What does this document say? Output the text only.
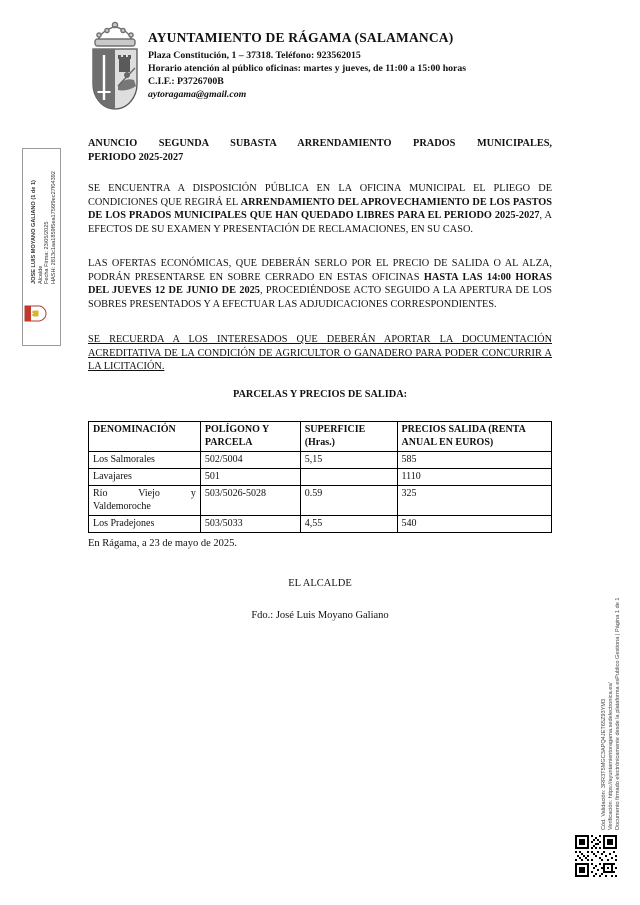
AYUNTAMIENTO DE RÁGAMA (SALAMANCA)
Plaza Constitución, 1 – 37318. Teléfono: 923562015
Horario atención al público oficinas: martes y jueves, de 11:00 a 15:00 horas
C.I.F.: P3726700B
aytoragama@gmail.com
ANUNCIO SEGUNDA SUBASTA ARRENDAMIENTO PRADOS MUNICIPALES,
PERIODO 2025-2027
SE ENCUENTRA A DISPOSICIÓN PÚBLICA EN LA OFICINA MUNICIPAL EL PLIEGO DE CONDICIONES QUE REGIRÁ EL ARRENDAMIENTO DEL APROVECHAMIENTO DE LOS PASTOS DE LOS PRADOS MUNICIPALES QUE HAN QUEDADO LIBRES PARA EL PERIODO 2025-2027, A EFECTOS DE SU EXAMEN Y PRESENTACIÓN DE RECLAMACIONES, EN SU CASO.
LAS OFERTAS ECONÓMICAS, QUE DEBERÁN SERLO POR EL PRECIO DE SALIDA O AL ALZA, PODRÁN PRESENTARSE EN SOBRE CERRADO EN ESTAS OFICINAS HASTA LAS 14:00 HORAS DEL JUEVES 12 DE JUNIO DE 2025, PROCEDIÉNDOSE ACTO SEGUIDO A LA APERTURA DE LOS SOBRES PRESENTADOS Y A EFECTUAR LAS ADJUDICACIONES CORRESPONDIENTES.
SE RECUERDA A LOS INTERESADOS QUE DEBERÁN APORTAR LA DOCUMENTACIÓN ACREDITATIVA DE LA CONDICIÓN DE AGRICULTOR O GANADERO PARA PODER CONCURRIR A LA LICITACIÓN.
PARCELAS Y PRECIOS DE SALIDA:
DENOMINACIÓN	POLÍGONO Y PARCELA	SUPERFICIE (Hras.)	PRECIOS SALIDA (RENTA ANUAL EN EUROS)
Los Salmorales	502/5004	5,15	585
Lavajares	501		1110
Río Viejo y Valdemoroche	503/5026-5028	0.59	325
Los Pradejones	503/5033	4,55	540
En Rágama, a 23 de mayo de 2025.
EL ALCALDE
Fdo.: José Luis Moyano Galiano
JOSE LUIS MOYANO GALIANO (1 de 1) Alcalde Fecha Firma: 23/05/2025 HASH: 2813c1aa1859f5ea1756f9ec27f04392
Cód. Validación: 3RR3T5MGC3APQ4JET65Z93YM3 Verificación: https://ayuntamientoragama.sedelectronica.es/ Documento firmado electrónicamente desde la plataforma esPublico Gestiona | Página 1 de 1
